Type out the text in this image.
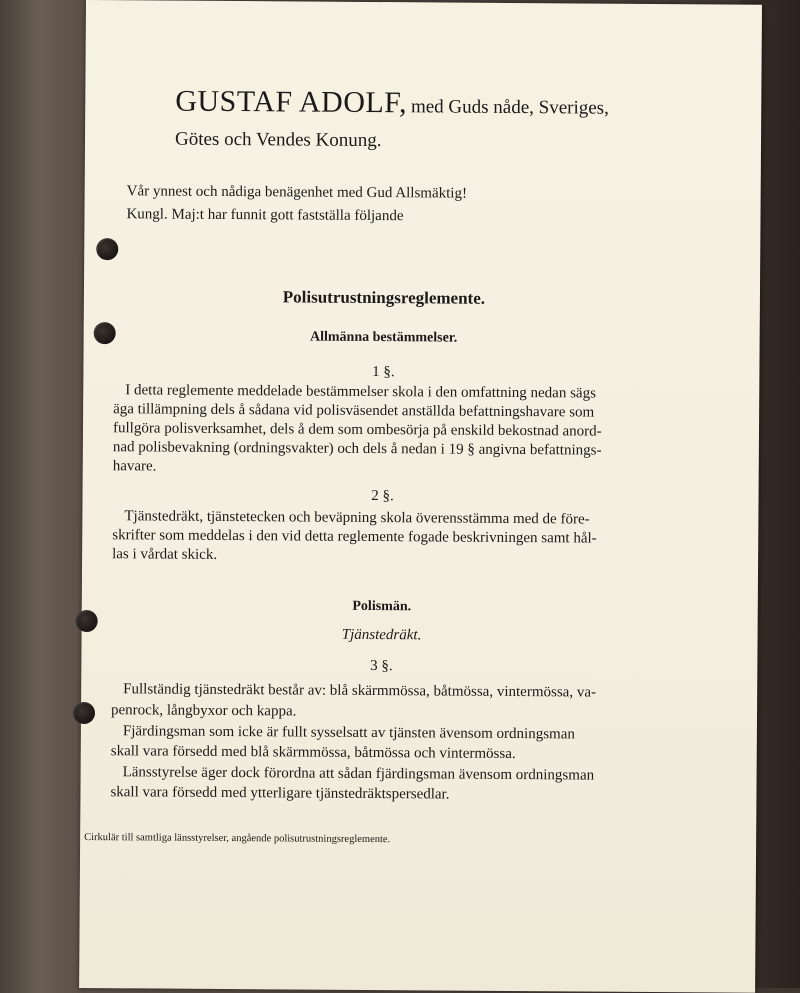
GUSTAF ADOLF, med Guds nåde, Sveriges,
Götes och Vendes Konung.
Vår ynnest och nådiga benägenhet med Gud Allsmäktig!
Kungl. Maj:t har funnit gott fastställa följande
Polisutrustningsreglemente.
Allmänna bestämmelser.
1 §.
I detta reglemente meddelade bestämmelser skola i den omfattning nedan sägs
äga tillämpning dels å sådana vid polisväsendet anställda befattningshavare som
fullgöra polisverksamhet, dels å dem som ombesörja på enskild bekostnad anord-
nad polisbevakning (ordningsvakter) och dels å nedan i 19 § angivna befattnings-
havare.
2 §.
Tjänstedräkt, tjänstetecken och beväpning skola överensstämma med de före-
skrifter som meddelas i den vid detta reglemente fogade beskrivningen samt hål-
las i vårdat skick.
Polismän.
Tjänstedräkt.
3 §.
Fullständig tjänstedräkt består av: blå skärmmössa, båtmössa, vintermössa, va-
penrock, långbyxor och kappa.
Fjärdingsman som icke är fullt sysselsatt av tjänsten ävensom ordningsman
skall vara försedd med blå skärmmössa, båtmössa och vintermössa.
Länsstyrelse äger dock förordna att sådan fjärdingsman ävensom ordningsman
skall vara försedd med ytterligare tjänstedräktspersedlar.
Cirkulär till samtliga länsstyrelser, angående polisutrustningsreglemente.
